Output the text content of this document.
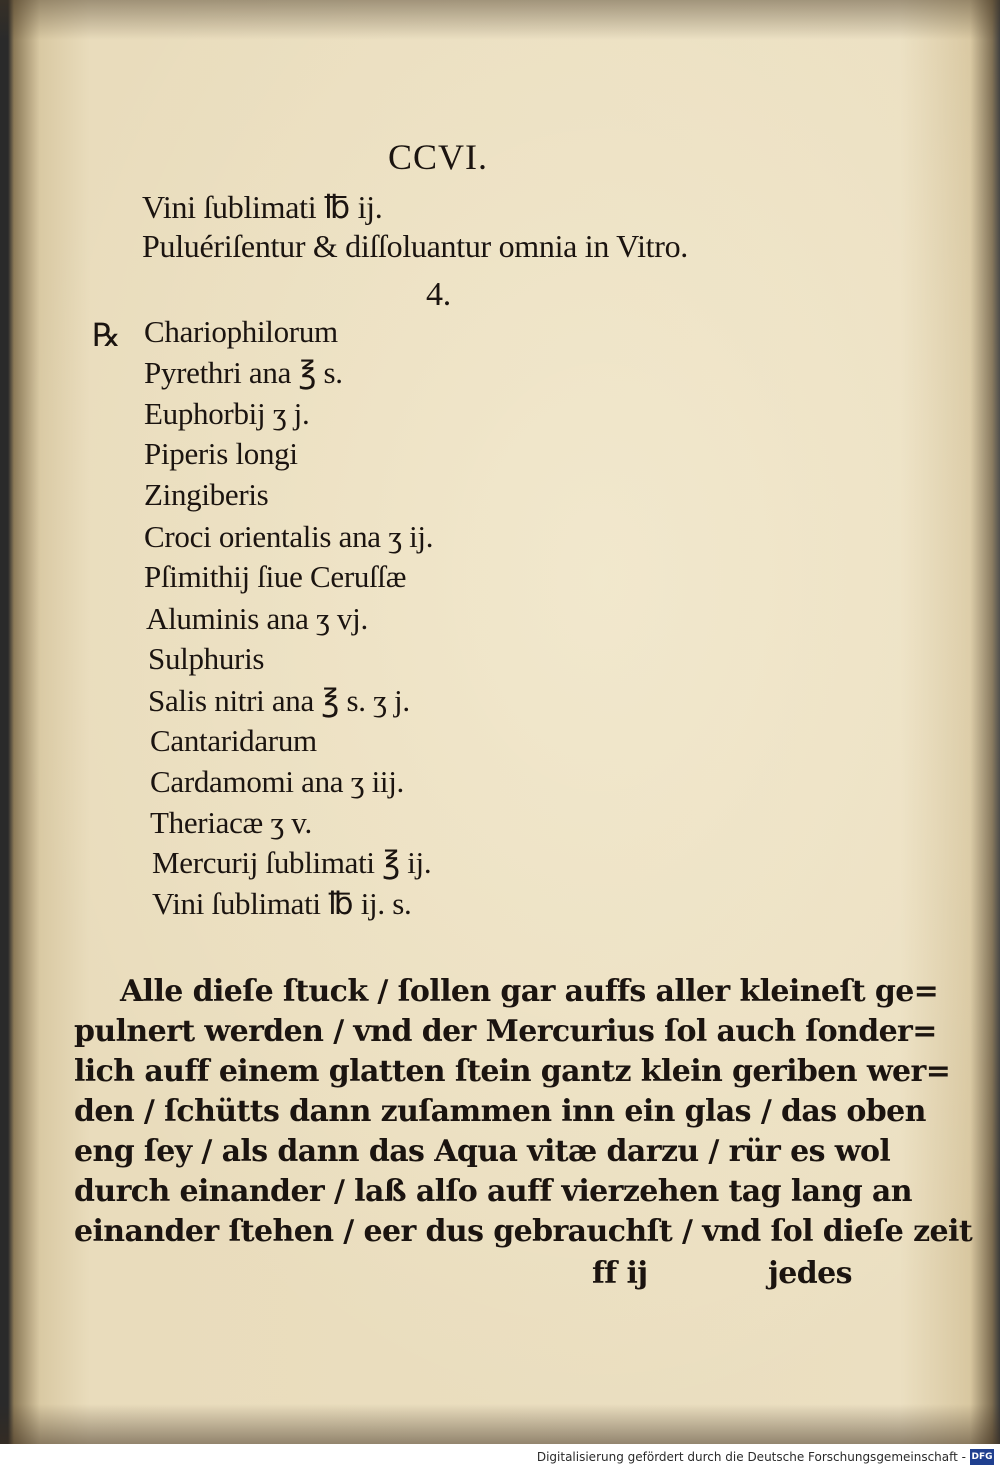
CCVI.
Vini ſublimati ℔ ij.
Puluériſentur & diſſoluantur omnia in Vitro.
4.
℞ Chariophilorum
Pyrethri ana ℥ s.
Euphorbij ʒ j.
Piperis longi
Zingiberis
Croci orientalis ana ʒ ij.
Pſimithij ſiue Ceruſſæ
Aluminis ana ʒ vj.
Sulphuris
Salis nitri ana ℥ s. ʒ j.
Cantaridarum
Cardamomi ana ʒ iij.
Theriacæ ʒ v.
Mercurij ſublimati ℥ ij.
Vini ſublimati ℔ ij. s.
Alle dieſe ſtuck / ſollen gar auffs aller kleineſt ge=
pulnert werden / vnd der Mercurius ſol auch ſonder=
lich auff einem glatten ſtein gantz klein geriben wer=
den / ſchütts dann zuſammen inn ein glas / das oben
eng ſey / als dann das Aqua vitæ darzu / rür es wol
durch einander / laß alſo auff vierzehen tag lang an
einander ſtehen / eer dus gebrauchſt / vnd ſol dieſe zeit
ff ij	jedes
Digitalisierung gefördert durch die Deutsche Forschungsgemeinschaft - DFG
